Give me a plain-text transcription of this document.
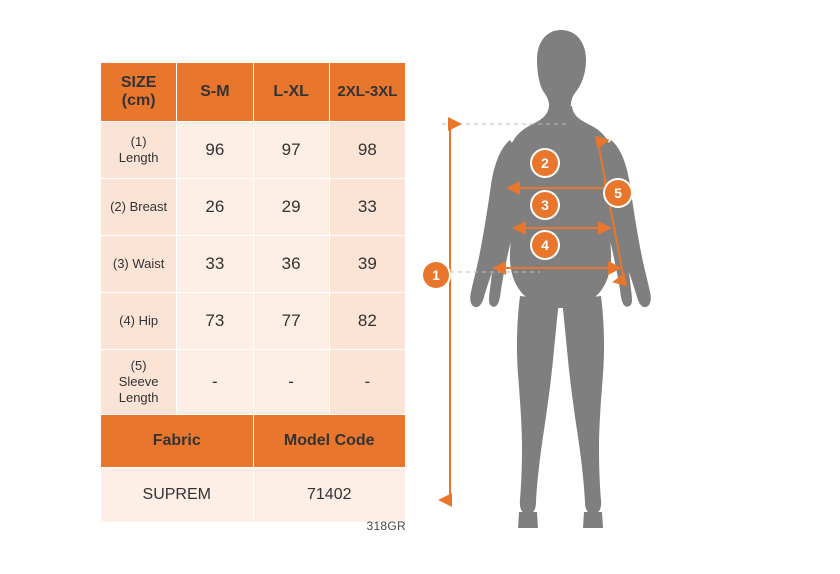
SIZE
(cm)	S-M	L-XL	2XL-3XL

(1)
Length	96	97	98

(2) Breast	26	29	33

(3) Waist	33	36	39

(4) Hip	73	77	82

(5)
Sleeve Length	-	-	-
Fabric		Model Code	
SUPREM		71402	
318GR
1
2
3
4
5
